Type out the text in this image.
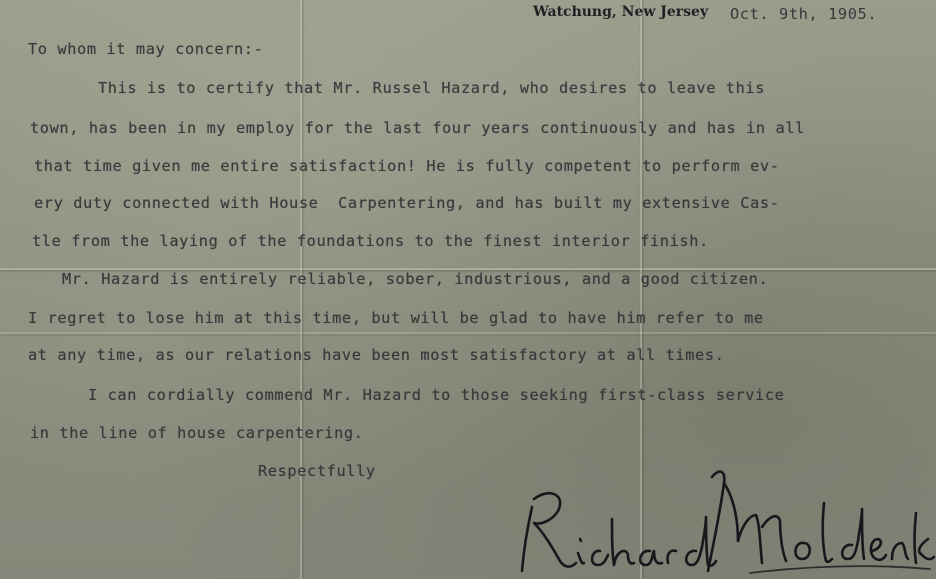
Watchung, New Jersey Oct. 9th, 1905.
To whom it may concern:-
This is to certify that Mr. Russel Hazard, who desires to leave this
town, has been in my employ for the last four years continuously and has in all
that time given me entire satisfaction! He is fully competent to perform ev-
ery duty connected with House  Carpentering, and has built my extensive Cas-
tle from the laying of the foundations to the finest interior finish.
Mr. Hazard is entirely reliable, sober, industrious, and a good citizen.
I regret to lose him at this time, but will be glad to have him refer to me
at any time, as our relations have been most satisfactory at all times.
I can cordially commend Mr. Hazard to those seeking first-class service
in the line of house carpentering.
Respectfully
